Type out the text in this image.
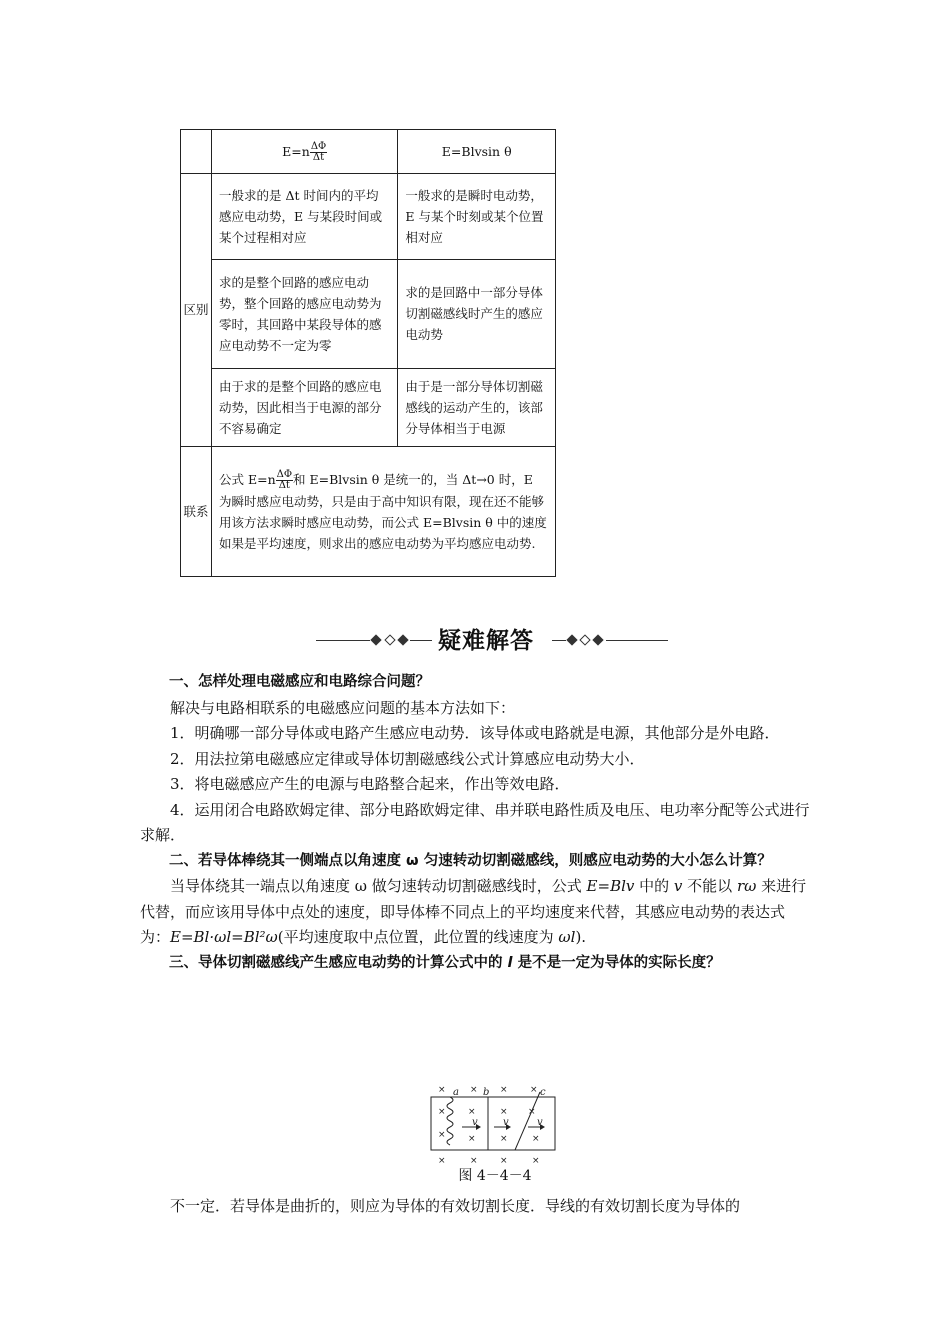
	$E=n \frac{\Delta\Phi}{\Delta t}$	E=Blvsin θ
区别	一般求的是 Δt 时间内的平均感应电动势，E 与某段时间或某个过程相对应	一般求的是瞬时电动势，E 与某个时刻或某个位置相对应
	求的是整个回路的感应电动势，整个回路的感应电动势为零时，其回路中某段导体的感应电动势不一定为零	求的是回路中一部分导体切割磁感线时产生的感应电动势
	由于求的是整个回路的感应电动势，因此相当于电源的部分不容易确定	由于是一部分导体切割磁感线的运动产生的，该部分导体相当于电源
联系	公式 $E=n \frac{\Delta\Phi}{\Delta t}$ 和 E=Blvsin θ 是统一的，当 Δt→0 时，E 为瞬时感应电动势，只是由于高中知识有限，现在还不能够用该方法求瞬时感应电动势，而公式 E=Blvsin θ 中的速度如果是平均速度，则求出的感应电动势为平均感应电动势.	
疑难解答

一、怎样处理电磁感应和电路综合问题？

解决与电路相联系的电磁感应问题的基本方法如下：

1．明确哪一部分导体或电路产生感应电动势．该导体或电路就是电源，其他部分是外电路．

2．用法拉第电磁感应定律或导体切割磁感线公式计算感应电动势大小．

3．将电磁感应产生的电源与电路整合起来，作出等效电路．

4．运用闭合电路欧姆定律、部分电路欧姆定律、串并联电路性质及电压、电功率分配等公式进行求解．

二、若导体棒绕其一侧端点以角速度 ω 匀速转动切割磁感线，则感应电动势的大小怎么计算？

当导体绕其一端点以角速度 ω 做匀速转动切割磁感线时，公式 E=Blv 中的 v 不能以 rω 来进行代替，而应该用导体中点处的速度，即导体棒不同点上的平均速度来代替，其感应电动势的表达式为：E=Bl·ωl=Bl²ω(平均速度取中点位置，此位置的线速度为 ωl).

三、导体切割磁感线产生感应电动势的计算公式中的 l 是不是一定为导体的实际长度？

×	× × ×
× ×	× ×
× ×	×	×
×	× ×	×
a b	c
v	v	v
图 4－4－4
不一定．若导体是曲折的，则应为导体的有效切割长度．导线的有效切割长度为导体的
